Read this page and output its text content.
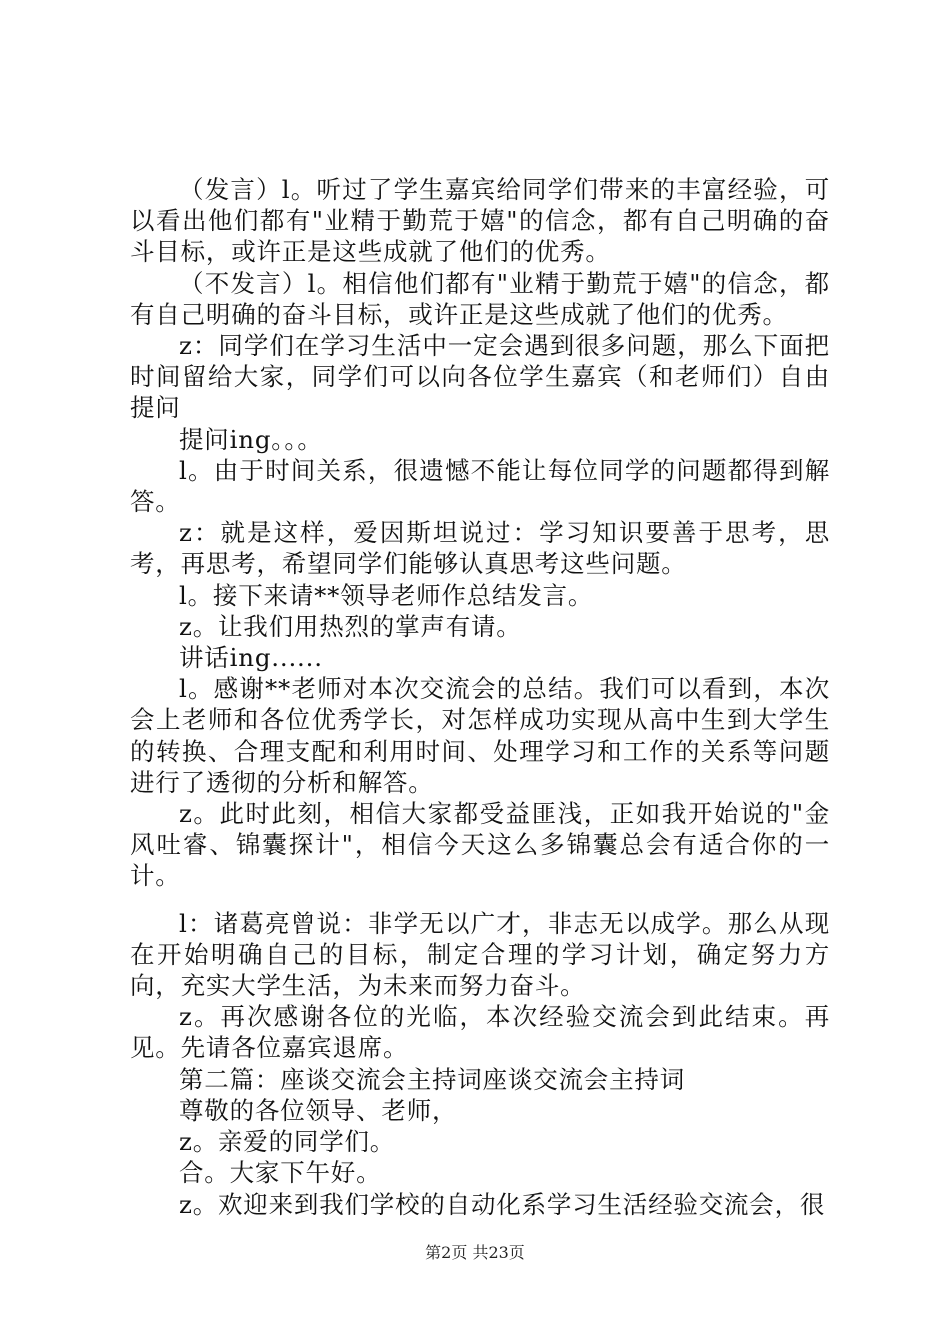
（发言）l。听过了学生嘉宾给同学们带来的丰富经验，可以看出他们都有"业精于勤荒于嬉"的信念，都有自己明确的奋斗目标，或许正是这些成就了他们的优秀。

（不发言）l。相信他们都有"业精于勤荒于嬉"的信念，都有自己明确的奋斗目标，或许正是这些成就了他们的优秀。

z：同学们在学习生活中一定会遇到很多问题，那么下面把时间留给大家，同学们可以向各位学生嘉宾（和老师们）自由提问

提问ing。。。

l。由于时间关系，很遗憾不能让每位同学的问题都得到解答。

z：就是这样，爱因斯坦说过：学习知识要善于思考，思考，再思考，希望同学们能够认真思考这些问题。

l。接下来请**领导老师作总结发言。

z。让我们用热烈的掌声有请。

讲话ing......

l。感谢**老师对本次交流会的总结。我们可以看到，本次会上老师和各位优秀学长，对怎样成功实现从高中生到大学生的转换、合理支配和利用时间、处理学习和工作的关系等问题进行了透彻的分析和解答。

z。此时此刻，相信大家都受益匪浅，正如我开始说的"金风吐睿、锦囊探计"，相信今天这么多锦囊总会有适合你的一计。

l：诸葛亮曾说：非学无以广才，非志无以成学。那么从现在开始明确自己的目标，制定合理的学习计划，确定努力方向，充实大学生活，为未来而努力奋斗。

z。再次感谢各位的光临，本次经验交流会到此结束。再见。先请各位嘉宾退席。

第二篇：座谈交流会主持词座谈交流会主持词

尊敬的各位领导、老师，

z。亲爱的同学们。

合。大家下午好。

z。欢迎来到我们学校的自动化系学习生活经验交流会，很

第2页 共23页
